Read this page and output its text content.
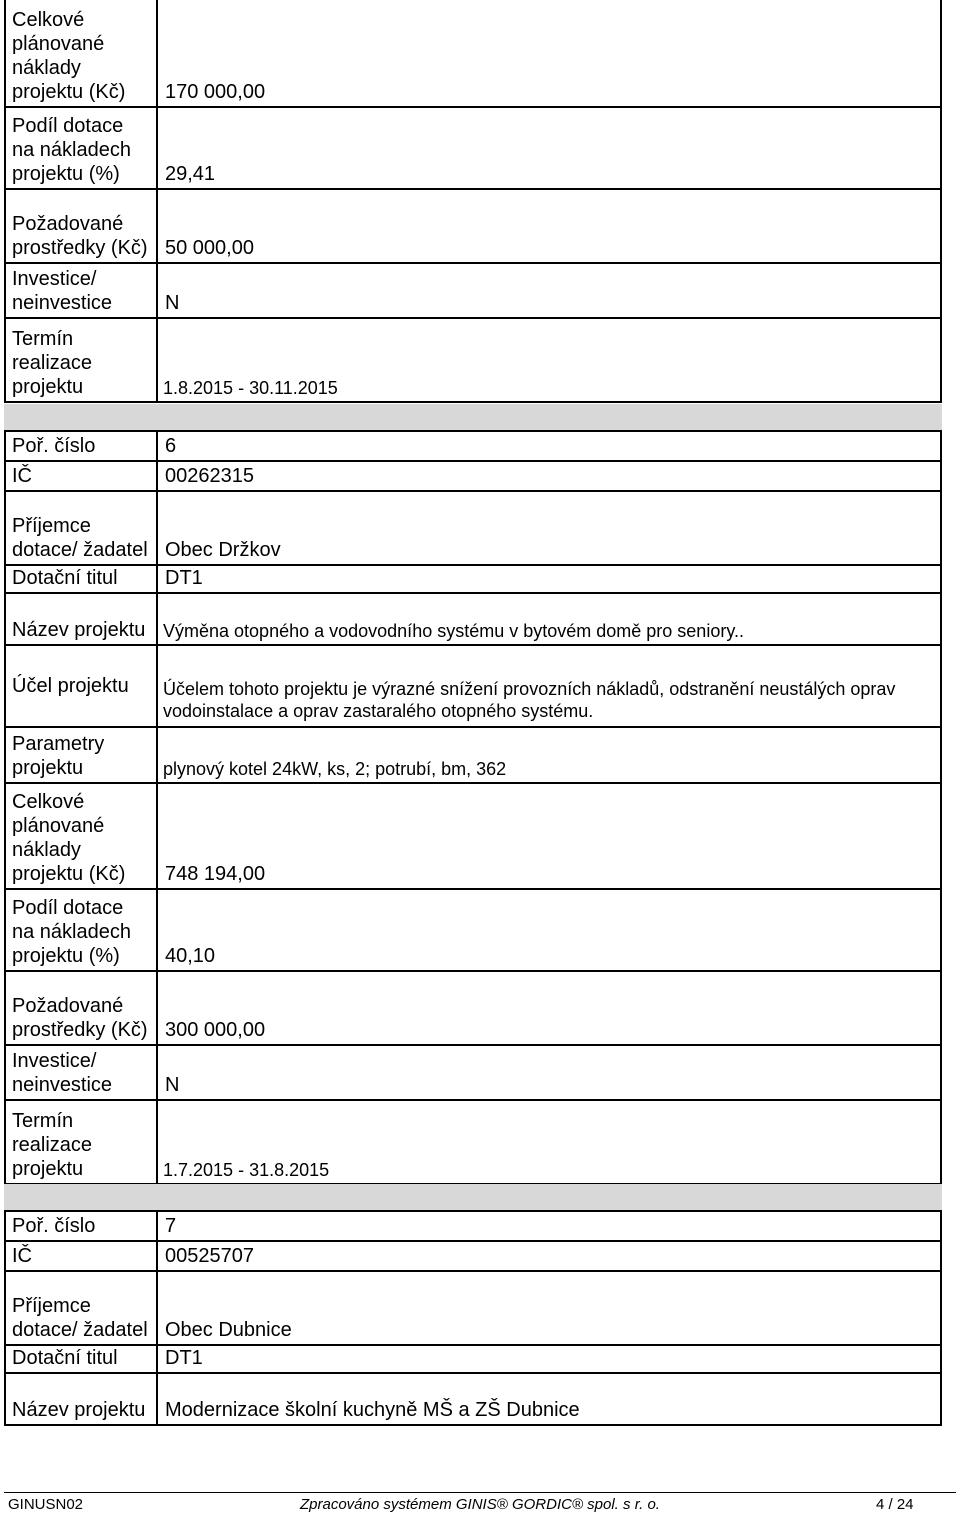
Celkové plánované náklady projektu (Kč)	170 000,00
Podíl dotace na nákladech projektu (%)	29,41
Požadované prostředky (Kč)	50 000,00
Investice/ neinvestice	N
Termín realizace projektu	1.8.2015 - 30.11.2015
Poř. číslo	6
IČ	00262315
Příjemce dotace/ žadatel	Obec Držkov
Dotační titul	DT1
Název projektu	Výměna otopného a vodovodního systému v bytovém domě pro seniory..
Účel projektu	Účelem tohoto projektu je výrazné snížení provozních nákladů, odstranění neustálých oprav vodoinstalace a oprav zastaralého otopného systému.
Parametry projektu	plynový kotel 24kW, ks, 2; potrubí, bm, 362
Celkové plánované náklady projektu (Kč)	748 194,00
Podíl dotace na nákladech projektu (%)	40,10
Požadované prostředky (Kč)	300 000,00
Investice/ neinvestice	N
Termín realizace projektu	1.7.2015 - 31.8.2015
Poř. číslo	7
IČ	00525707
Příjemce dotace/ žadatel	Obec Dubnice
Dotační titul	DT1
Název projektu	Modernizace školní kuchyně MŠ a ZŠ Dubnice
GINUSN02	Zpracováno systémem GINIS® GORDIC® spol. s r. o.	4 / 24
